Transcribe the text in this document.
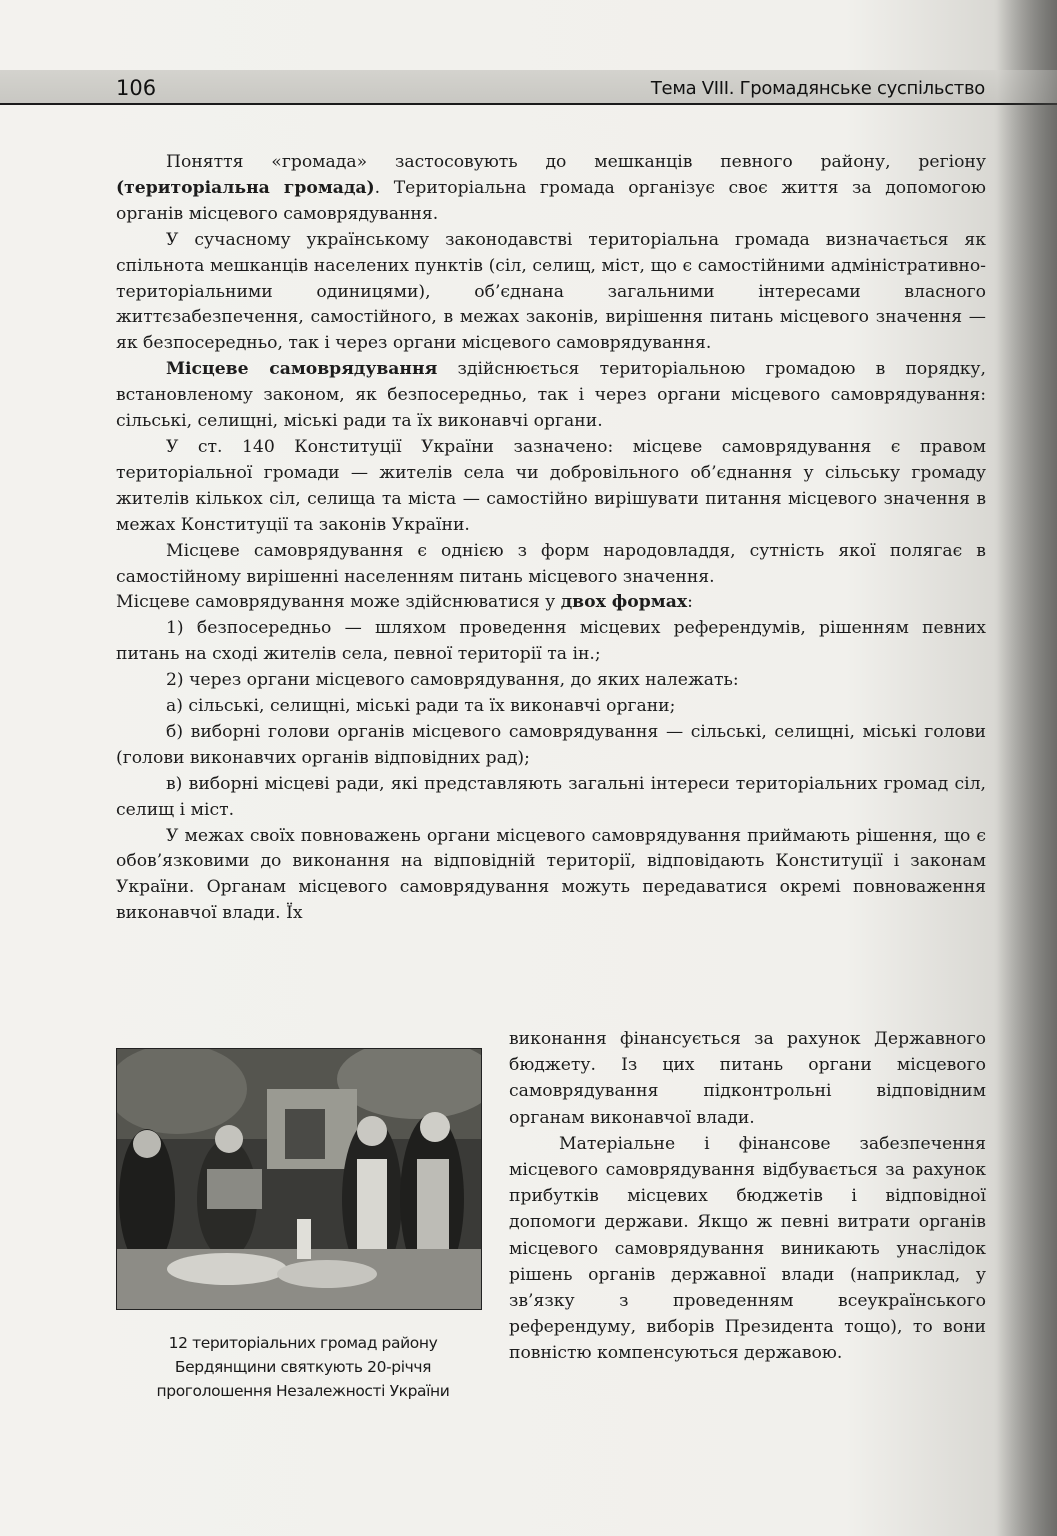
106	Тема VIII. Громадянське суспільство

Поняття «громада» застосовують до мешканців певного району, регіону (територіальна громада). Територіальна громада організує своє життя за допомогою органів місцевого самоврядування.

У сучасному українському законодавстві територіальна громада визначається як спільнота мешканців населених пунктів (сіл, селищ, міст, що є самостійними адміністративно-територіальними одиницями), об’єднана загальними інтересами власного життєзабезпечення, самостійного, в межах законів, вирішення питань місцевого значення — як безпосередньо, так і через органи місцевого самоврядування.

Місцеве самоврядування здійснюється територіальною громадою в порядку, встановленому законом, як безпосередньо, так і через органи місцевого самоврядування: сільські, селищні, міські ради та їх виконавчі органи.

У ст. 140 Конституції України зазначено: місцеве самоврядування є правом територіальної громади — жителів села чи добровільного об’єднання у сільську громаду жителів кількох сіл, селища та міста — самостійно вирішувати питання місцевого значення в межах Конституції та законів України.

Місцеве самоврядування є однією з форм народовладдя, сутність якої полягає в самостійному вирішенні населенням питань місцевого значення.

Місцеве самоврядування може здійснюватися у двох формах:

1) безпосередньо — шляхом проведення місцевих референдумів, рішенням певних питань на сході жителів села, певної території та ін.;

2) через органи місцевого самоврядування, до яких належать:

а) сільські, селищні, міські ради та їх виконавчі органи;

б) виборні голови органів місцевого самоврядування — сільські, селищні, міські голови (голови виконавчих органів відповідних рад);

в) виборні місцеві ради, які представляють загальні інтереси територіальних громад сіл, селищ і міст.

У межах своїх повноважень органи місцевого самоврядування приймають рішення, що є обов’язковими до виконання на відповідній території, відповідають Конституції і законам України. Органам місцевого самоврядування можуть передаватися окремі повноваження виконавчої влади. Їх

12 територіальних громад району
Бердянщини святкують 20-річчя
проголошення Незалежності України

виконання фінансується за рахунок Державного бюджету. Із цих питань органи місцевого самоврядування підконтрольні відповідним органам виконавчої влади.

Матеріальне і фінансове забезпечення місцевого самоврядування відбувається за рахунок прибутків місцевих бюджетів і відповідної допомоги держави. Якщо ж певні витрати органів місцевого самоврядування виникають унаслідок рішень органів державної влади (наприклад, у зв’язку з проведенням всеукраїнського референдуму, виборів Президента тощо), то вони повністю компенсуються державою.
